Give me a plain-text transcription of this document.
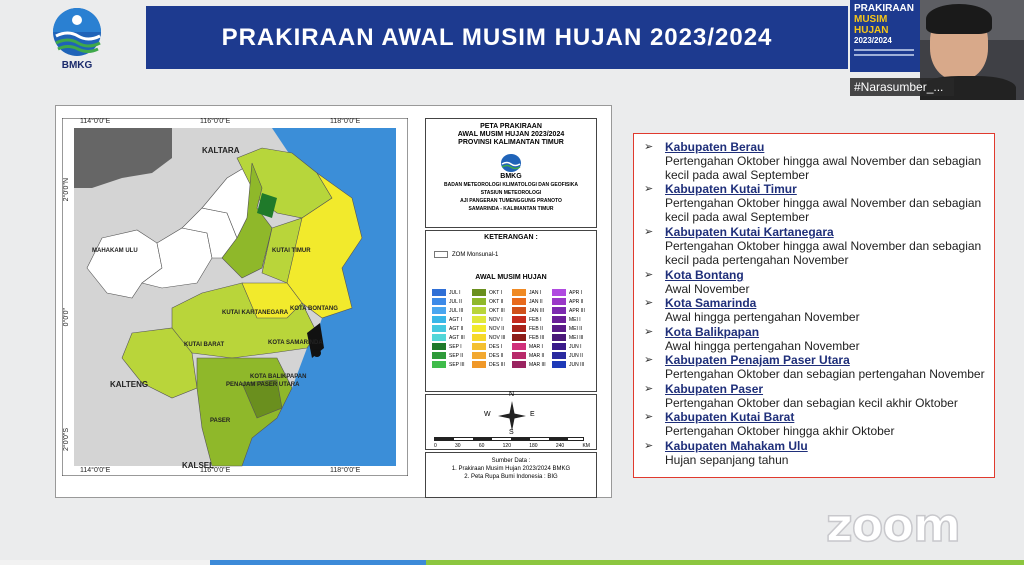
BMKG
PRAKIRAAN AWAL MUSIM HUJAN 2023/2024
PRAKIRAAN
MUSIM HUJAN
2023/2024
#Narasumber_...
114°0'0"E	116°0'0"E	118°0'0"E
114°0'0"E	116°0'0"E	118°0'0"E
2°0'0"N
0°0'0"
2°0'0"S
KALTARA
KALTENG
KALSEL
MAHAKAM ULU	KUTAI TIMUR
KUTAI KARTANEGARA
KOTA BONTANG
KUTAI BARAT	KOTA SAMARINDA
KOTA BALIKPAPAN
PENAJAM PASER UTARA
PASER
PETA PRAKIRAAN
AWAL MUSIM HUJAN 2023/2024
PROVINSI KALIMANTAN TIMUR
BMKG
BADAN METEOROLOGI KLIMATOLOGI DAN GEOFISIKA
STASIUN METEOROLOGI
AJI PANGERAN TUMENGGUNG PRANOTO
SAMARINDA - KALIMANTAN TIMUR
KETERANGAN :
ZOM Monsunal-1
AWAL MUSIM HUJAN
JUL I	OKT I	JAN I	APR I
JUL II	OKT II	JAN II	APR II
JUL III	OKT III	JAN III	APR III
AGT I	NOV I	FEB I	MEI I
AGT II	NOV II	FEB II	MEI II
AGT III	NOV III	FEB III	MEI III
SEP I	DES I	MAR I	JUN I
SEP II	DES II	MAR II	JUN II
SEP III	DES III	MAR III	JUN III
N
S
E
W
0	30	60	120	180	240	KM
Sumber Data :
1. Prakiraan Musim Hujan 2023/2024 BMKG
2. Peta Rupa Bumi Indonesia : BIG
➢ Kabupaten Berau
Pertengahan Oktober hingga awal November dan sebagian kecil pada awal September
➢ Kabupaten Kutai Timur
Pertengahan Oktober hingga awal November dan sebagian kecil pada awal September
➢ Kabupaten Kutai Kartanegara
Pertengahan Oktober hingga awal November dan sebagian kecil pada pertengahan November
➢ Kota Bontang
Awal November
➢ Kota Samarinda
Awal hingga pertengahan November
➢ Kota Balikpapan
Awal hingga pertengahan November
➢ Kabupaten Penajam Paser Utara
Pertengahan Oktober dan sebagian pertengahan November
➢ Kabupaten Paser
Pertengahan Oktober dan sebagian kecil akhir Oktober
➢ Kabupaten Kutai Barat
Pertengahan Oktober hingga akhir Oktober
➢ Kabupaten Mahakam Ulu
Hujan sepanjang tahun
zoom
